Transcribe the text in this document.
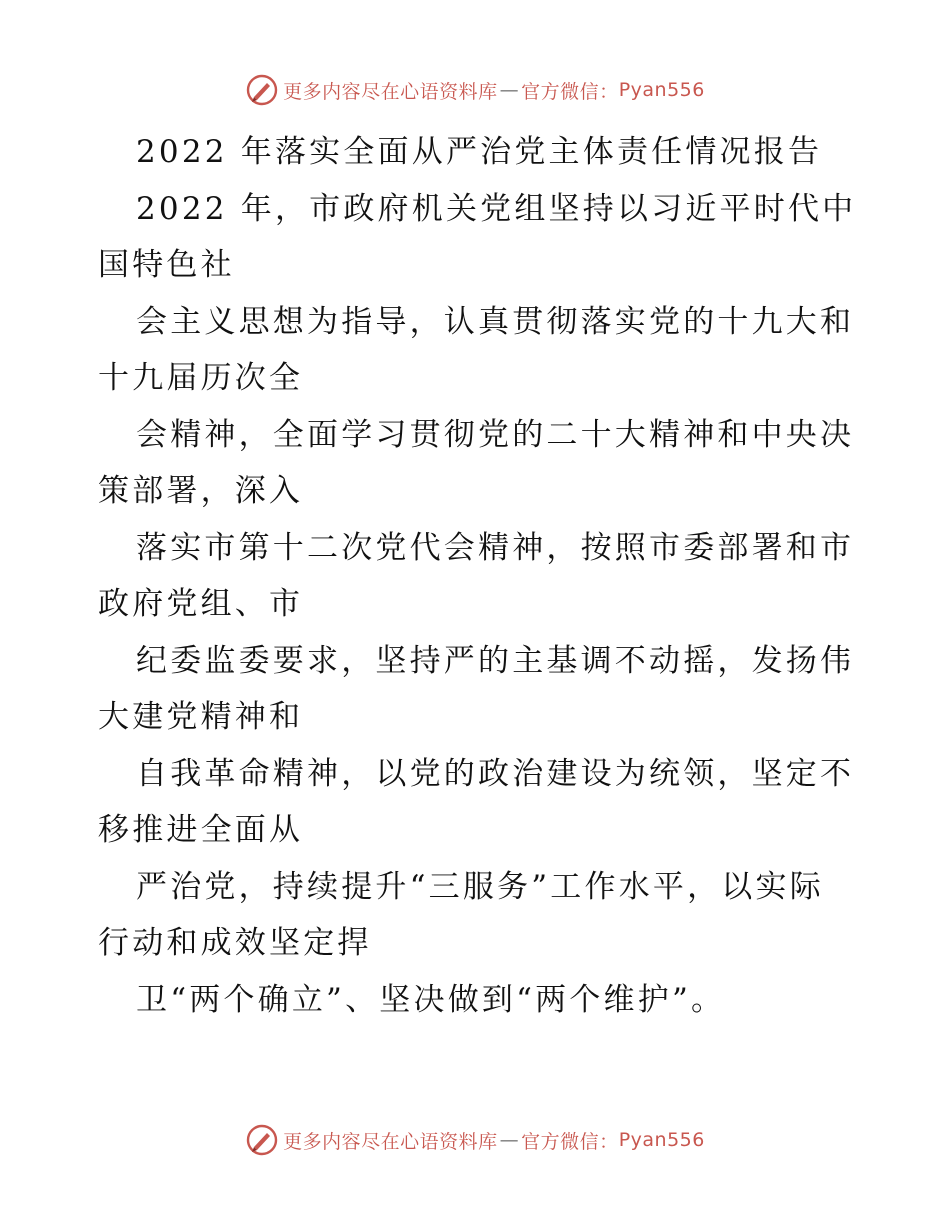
更多内容尽在心语资料库 — 官方微信： Pyan556
2022 年落实全面从严治党主体责任情况报告
2022 年，市政府机关党组坚持以习近平时代中
国特色社
会主义思想为指导，认真贯彻落实党的十九大和
十九届历次全
会精神，全面学习贯彻党的二十大精神和中央决
策部署，深入
落实市第十二次党代会精神，按照市委部署和市
政府党组、市
纪委监委要求，坚持严的主基调不动摇，发扬伟
大建党精神和
自我革命精神，以党的政治建设为统领，坚定不
移推进全面从
严治党，持续提升“三服务”工作水平，以实际
行动和成效坚定捍
卫“两个确立”、坚决做到“两个维护”。
更多内容尽在心语资料库 — 官方微信： Pyan556
